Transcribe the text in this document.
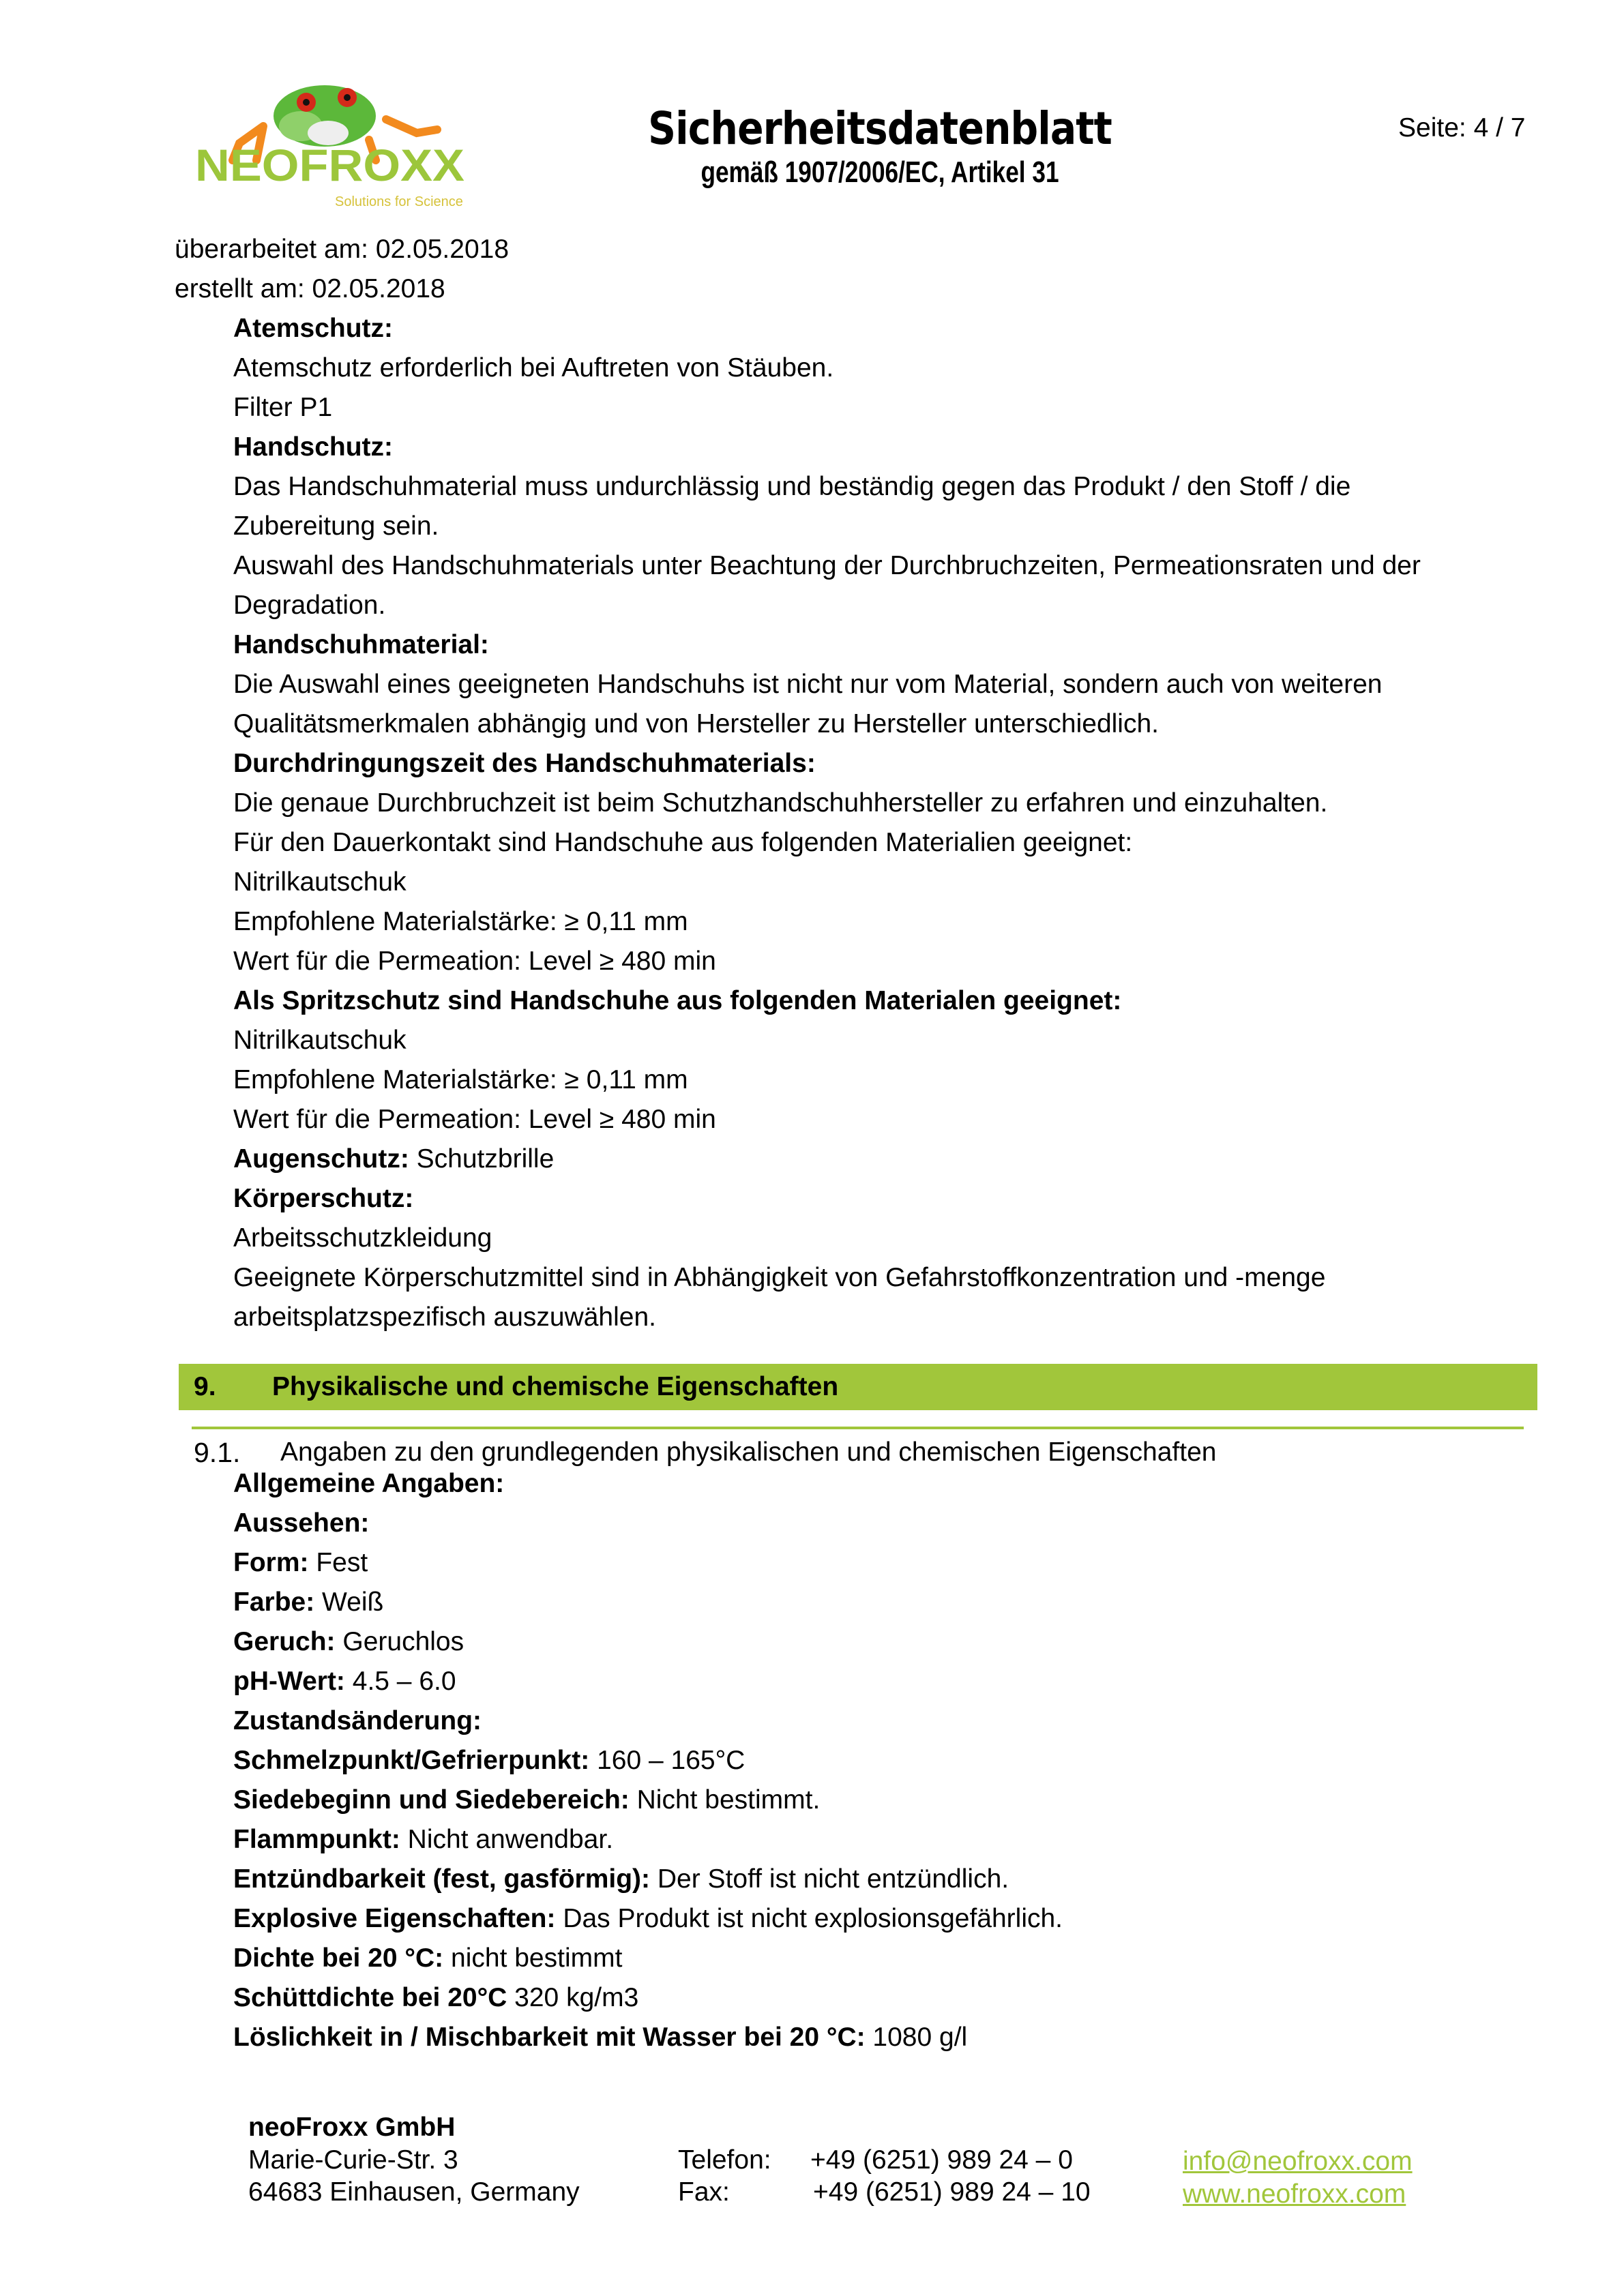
NEOFROXX
Solutions for Science
Sicherheitsdatenblatt
gemäß 1907/2006/EC, Artikel 31
Seite: 4 / 7
überarbeitet am: 02.05.2018
erstellt am: 02.05.2018
Atemschutz:
Atemschutz erforderlich bei Auftreten von Stäuben.
Filter P1
Handschutz:
Das Handschuhmaterial muss undurchlässig und beständig gegen das Produkt / den Stoff / die
Zubereitung sein.
Auswahl des Handschuhmaterials unter Beachtung der Durchbruchzeiten, Permeationsraten und der
Degradation.
Handschuhmaterial:
Die Auswahl eines geeigneten Handschuhs ist nicht nur vom Material, sondern auch von weiteren
Qualitätsmerkmalen abhängig und von Hersteller zu Hersteller unterschiedlich.
Durchdringungszeit des Handschuhmaterials:
Die genaue Durchbruchzeit ist beim Schutzhandschuhhersteller zu erfahren und einzuhalten.
Für den Dauerkontakt sind Handschuhe aus folgenden Materialien geeignet:
Nitrilkautschuk
Empfohlene Materialstärke: ≥ 0,11 mm
Wert für die Permeation: Level ≥ 480 min
Als Spritzschutz sind Handschuhe aus folgenden Materialen geeignet:
Nitrilkautschuk
Empfohlene Materialstärke: ≥ 0,11 mm
Wert für die Permeation: Level ≥ 480 min
Augenschutz: Schutzbrille
Körperschutz:
Arbeitsschutzkleidung
Geeignete Körperschutzmittel sind in Abhängigkeit von Gefahrstoffkonzentration und -menge
arbeitsplatzspezifisch auszuwählen.
9. Physikalische und chemische Eigenschaften
9.1. Angaben zu den grundlegenden physikalischen und chemischen Eigenschaften
Allgemeine Angaben:
Aussehen:
Form: Fest
Farbe: Weiß
Geruch: Geruchlos
pH-Wert: 4.5 – 6.0
Zustandsänderung:
Schmelzpunkt/Gefrierpunkt: 160 – 165°C
Siedebeginn und Siedebereich: Nicht bestimmt.
Flammpunkt: Nicht anwendbar.
Entzündbarkeit (fest, gasförmig): Der Stoff ist nicht entzündlich.
Explosive Eigenschaften: Das Produkt ist nicht explosionsgefährlich.
Dichte bei 20 °C: nicht bestimmt
Schüttdichte bei 20°C 320 kg/m3
Löslichkeit in / Mischbarkeit mit Wasser bei 20 °C: 1080 g/l
neoFroxx GmbH
Marie-Curie-Str. 3
64683 Einhausen, Germany
Telefon: +49 (6251) 989 24 – 0
Fax:	+49 (6251) 989 24 – 10
info@neofroxx.com
www.neofroxx.com
